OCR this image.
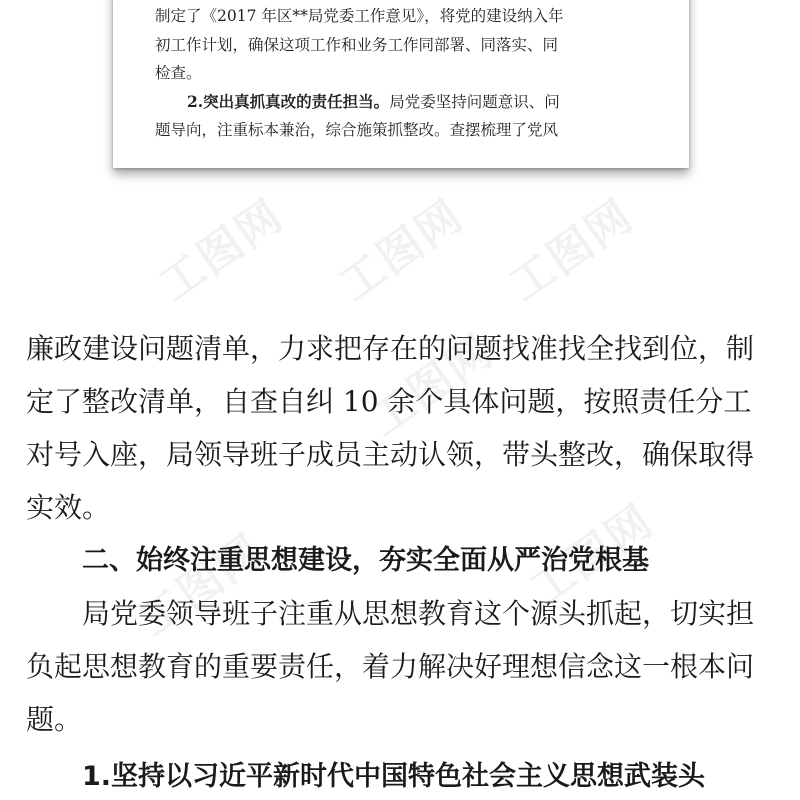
制定了《2017 年区**局党委工作意见》，将党的建设纳入年
初工作计划，确保这项工作和业务工作同部署、同落实、同
检查。
2.突出真抓真改的责任担当。 局党委坚持问题意识、问
题导向，注重标本兼治，综合施策抓整改。查摆梳理了党风
工图网 工图网 工图网
工图网
工图网	工图网
廉政建设问题清单，力求把存在的问题找准找全找到位，制
定了整改清单，自查自纠 10 余个具体问题，按照责任分工
对号入座，局领导班子成员主动认领，带头整改，确保取得
实效。
二、始终注重思想建设，夯实全面从严治党根基
局党委领导班子注重从思想教育这个源头抓起，切实担
负起思想教育的重要责任，着力解决好理想信念这一根本问
题。
1.坚持以习近平新时代中国特色社会主义思想武装头
